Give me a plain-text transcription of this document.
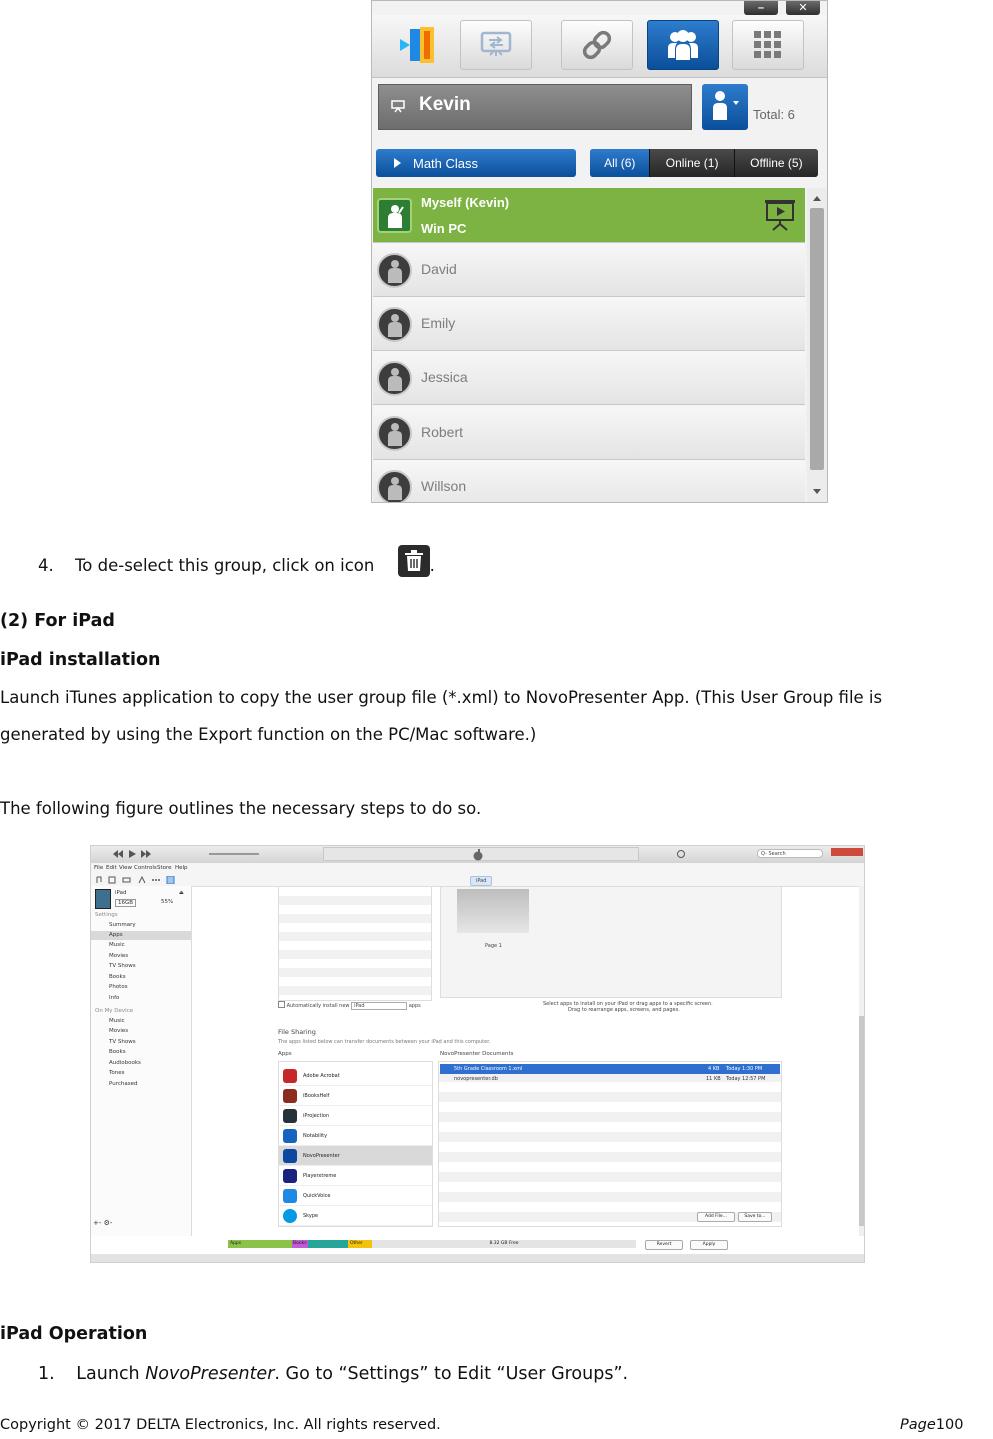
–	✕
Kevin	Total: 6
Math Class	All (6)	Online (1)	Offline (5)
Myself (Kevin)
Win PC
David
Emily
Jessica
Robert
Willson
4. To de-select this group, click on icon	.
(2) For iPad
iPad installation
Launch iTunes application to copy the user group file (*.xml) to NovoPresenter App. (This User Group file is
generated by using the Export function on the PC/Mac software.)
The following figure outlines the necessary steps to do so.
Q- Search
File Edit View Controls Store Help
iPad
iPad
16GB	55%
⏏
Settings
Summary
Apps
Music
Movies
TV Shows
Books
Photos
Info
On My Device
Music
Movies
TV Shows
Books
Audiobooks
Tones
Purchased
+- ⚙-
Page 1
Automatically install new iPad	apps	Select apps to install on your iPad or drag apps to a specific screen.
Drag to rearrange apps, screens, and pages.
File Sharing
The apps listed below can transfer documents between your iPad and this computer.
Apps	NovoPresenter Documents
Adobe Acrobat
iBooksHelf
iProjection
Notability
NovoPresenter
Playerxtreme
QuickVoice
Skype
5th Grade Classroom 1.xml	4 KB Today 1:30 PM
novopresenter.db	11 KB Today 12:57 PM
Add File...	Save to...
Apps	Books	Other	8.32 GB Free	Revert	Apply
iPad Operation
1. Launch NovoPresenter. Go to “Settings” to Edit “User Groups”.
Copyright © 2017 DELTA Electronics, Inc. All rights reserved.	Page100
